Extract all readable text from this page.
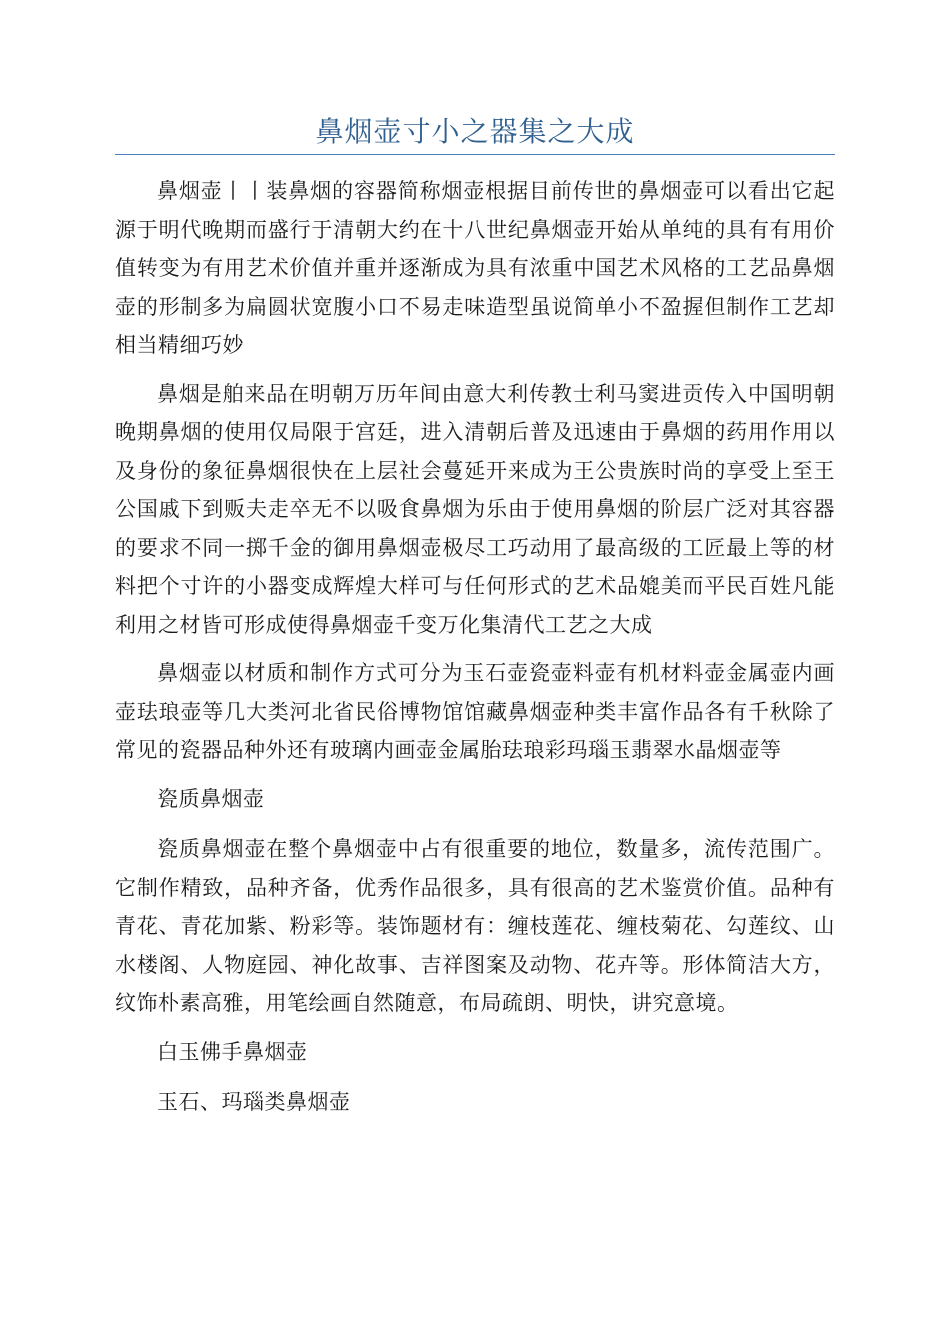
鼻烟壶寸小之器集之大成

鼻烟壶丨丨装鼻烟的容器简称烟壶根据目前传世的鼻烟壶可以看出它起源于明代晚期而盛行于清朝大约在十八世纪鼻烟壶开始从单纯的具有有用价值转变为有用艺术价值并重并逐渐成为具有浓重中国艺术风格的工艺品鼻烟壶的形制多为扁圆状宽腹小口不易走味造型虽说简单小不盈握但制作工艺却相当精细巧妙

鼻烟是舶来品在明朝万历年间由意大利传教士利马窦进贡传入中国明朝晚期鼻烟的使用仅局限于宫廷，进入清朝后普及迅速由于鼻烟的药用作用以及身份的象征鼻烟很快在上层社会蔓延开来成为王公贵族时尚的享受上至王公国戚下到贩夫走卒无不以吸食鼻烟为乐由于使用鼻烟的阶层广泛对其容器的要求不同一掷千金的御用鼻烟壶极尽工巧动用了最高级的工匠最上等的材料把个寸许的小器变成辉煌大样可与任何形式的艺术品媲美而平民百姓凡能利用之材皆可形成使得鼻烟壶千变万化集清代工艺之大成

鼻烟壶以材质和制作方式可分为玉石壶瓷壶料壶有机材料壶金属壶内画壶珐琅壶等几大类河北省民俗博物馆馆藏鼻烟壶种类丰富作品各有千秋除了常见的瓷器品种外还有玻璃内画壶金属胎珐琅彩玛瑙玉翡翠水晶烟壶等

瓷质鼻烟壶

瓷质鼻烟壶在整个鼻烟壶中占有很重要的地位，数量多，流传范围广。它制作精致，品种齐备，优秀作品很多，具有很高的艺术鉴赏价值。品种有青花、青花加紫、粉彩等。装饰题材有：缠枝莲花、缠枝菊花、勾莲纹、山水楼阁、人物庭园、神化故事、吉祥图案及动物、花卉等。形体简洁大方，纹饰朴素高雅，用笔绘画自然随意，布局疏朗、明快，讲究意境。

白玉佛手鼻烟壶

玉石、玛瑙类鼻烟壶
